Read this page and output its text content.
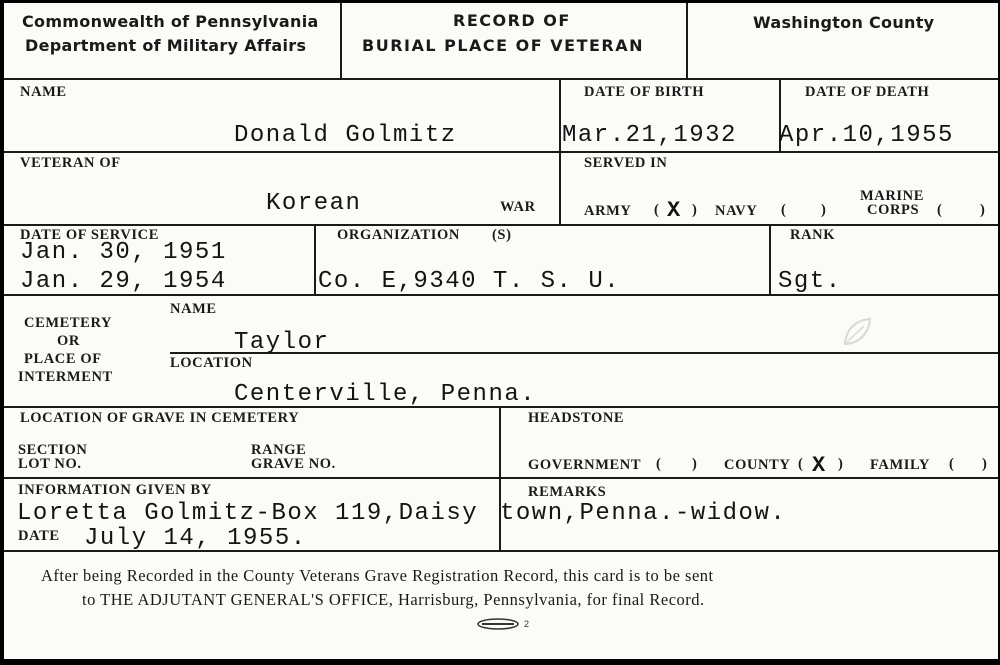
Commonwealth of Pennsylvania
Department of Military Affairs
RECORD OF
BURIAL PLACE OF VETERAN
Washington County
NAME
Donald Golmitz
DATE OF BIRTH
Mar.21,1932
DATE OF DEATH
Apr.10,1955
VETERAN OF
Korean	WAR
SERVED IN
ARMY ( X ) NAVY ( )
MARINE
CORPS (	)
DATE OF SERVICE
Jan. 30, 1951
Jan. 29, 1954
ORGANIZATION (S)
Co. E,9340 T. S. U.
RANK
Sgt.
CEMETERY
OR
PLACE OF
INTERMENT
NAME
Taylor
LOCATION
Centerville, Penna.
LOCATION OF GRAVE IN CEMETERY
SECTION
LOT NO.
RANGE
GRAVE NO.
HEADSTONE
GOVERNMENT ( ) COUNTY ( X ) FAMILY ( )
INFORMATION GIVEN BY
Loretta Golmitz-Box 119,Daisy
REMARKS
town,Penna.-widow.
DATE July 14, 1955.
After being Recorded in the County Veterans Grave Registration Record, this card is to be sent
to THE ADJUTANT GENERAL'S OFFICE, Harrisburg, Pennsylvania, for final Record.
2
